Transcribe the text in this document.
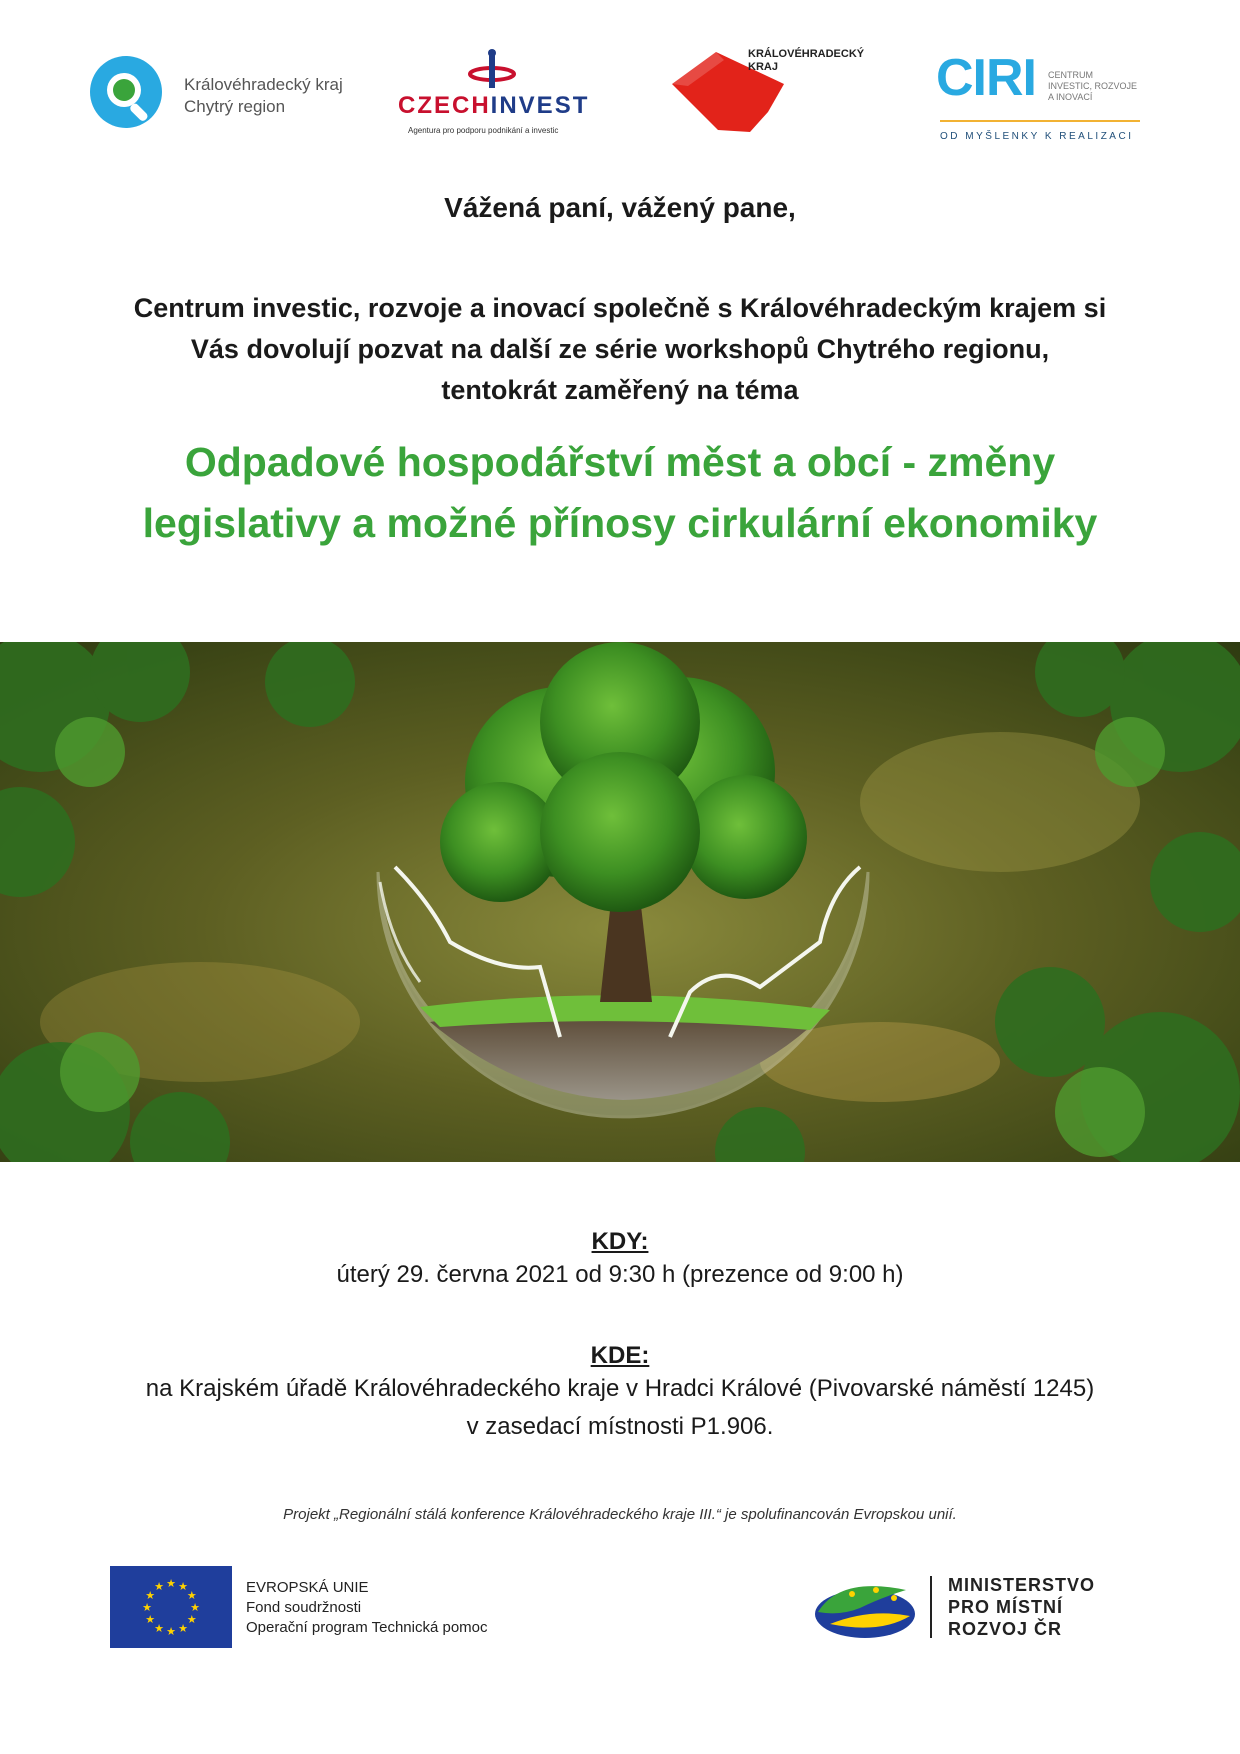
Královéhradecký kraj
Chytrý region	CZECHINVEST
Agentura pro podporu podnikání a investic
KRÁLOVÉHRADECKÝ
KRAJ	CIRI CENTRUM
INVESTIC, ROZVOJE
A INOVACÍ
OD MYŠLENKY K REALIZACI
Vážená paní, vážený pane,
Centrum investic, rozvoje a inovací společně s Královéhradeckým krajem si Vás dovolují pozvat na další ze série workshopů Chytrého regionu, tentokrát zaměřený na téma
Odpadové hospodářství měst a obcí - změny legislativy a možné přínosy cirkulární ekonomiky
KDY:
úterý 29. června 2021 od 9:30 h (prezence od 9:00 h)
KDE:
na Krajském úřadě Královéhradeckého kraje v Hradci Králové (Pivovarské náměstí 1245)
v zasedací místnosti P1.906.
Projekt „Regionální stálá konference Královéhradeckého kraje III.“ je spolufinancován Evropskou unií.
★ ★
★
★
★
★
★
★
★
★
★
★	EVROPSKÁ UNIE
Fond soudržnosti
Operační program Technická pomoc
MINISTERSTVO
PRO MÍSTNÍ
ROZVOJ ČR
